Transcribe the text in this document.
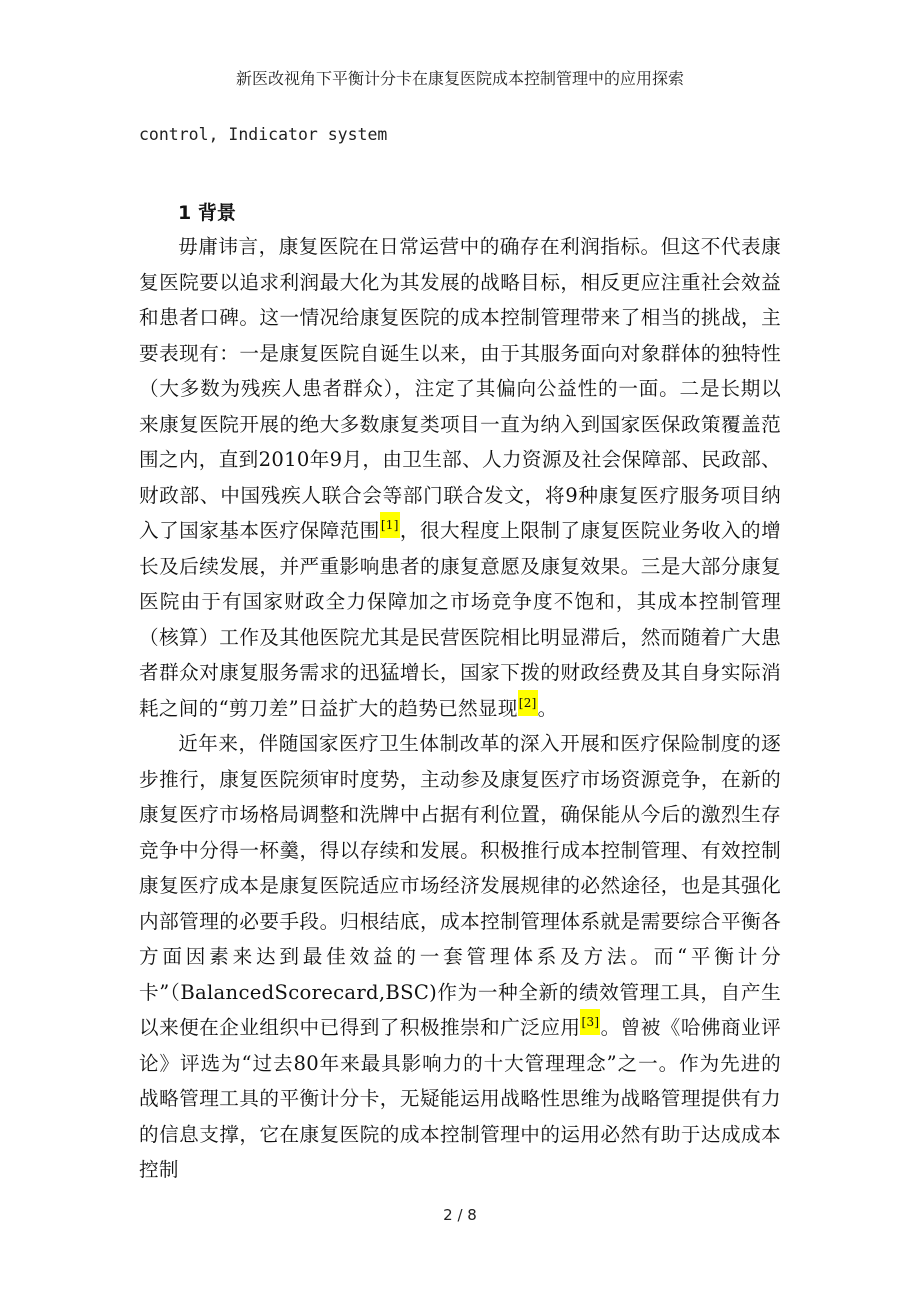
新医改视角下平衡计分卡在康复医院成本控制管理中的应用探索
control, Indicator system
1 背景

毋庸讳言，康复医院在日常运营中的确存在利润指标。但这不代表康复医院要以追求利润最大化为其发展的战略目标，相反更应注重社会效益和患者口碑。这一情况给康复医院的成本控制管理带来了相当的挑战，主要表现有：一是康复医院自诞生以来，由于其服务面向对象群体的独特性（大多数为残疾人患者群众），注定了其偏向公益性的一面。二是长期以来康复医院开展的绝大多数康复类项目一直为纳入到国家医保政策覆盖范围之内，直到2010年9月，由卫生部、人力资源及社会保障部、民政部、财政部、中国残疾人联合会等部门联合发文，将9种康复医疗服务项目纳入了国家基本医疗保障范围[1]，很大程度上限制了康复医院业务收入的增长及后续发展，并严重影响患者的康复意愿及康复效果。三是大部分康复医院由于有国家财政全力保障加之市场竞争度不饱和，其成本控制管理（核算）工作及其他医院尤其是民营医院相比明显滞后，然而随着广大患者群众对康复服务需求的迅猛增长，国家下拨的财政经费及其自身实际消耗之间的“剪刀差”日益扩大的趋势已然显现[2]。

近年来，伴随国家医疗卫生体制改革的深入开展和医疗保险制度的逐步推行，康复医院须审时度势，主动参及康复医疗市场资源竞争，在新的康复医疗市场格局调整和洗牌中占据有利位置，确保能从今后的激烈生存竞争中分得一杯羹，得以存续和发展。积极推行成本控制管理、有效控制康复医疗成本是康复医院适应市场经济发展规律的必然途径，也是其强化内部管理的必要手段。归根结底，成本控制管理体系就是需要综合平衡各方面因素来达到最佳效益的一套管理体系及方法。而“平衡计分卡”（BalancedScorecard,BSC)作为一种全新的绩效管理工具，自产生以来便在企业组织中已得到了积极推崇和广泛应用[3]。曾被《哈佛商业评论》评选为“过去80年来最具影响力的十大管理理念”之一。作为先进的战略管理工具的平衡计分卡，无疑能运用战略性思维为战略管理提供有力的信息支撑，它在康复医院的成本控制管理中的运用必然有助于达成成本控制

2 / 8
